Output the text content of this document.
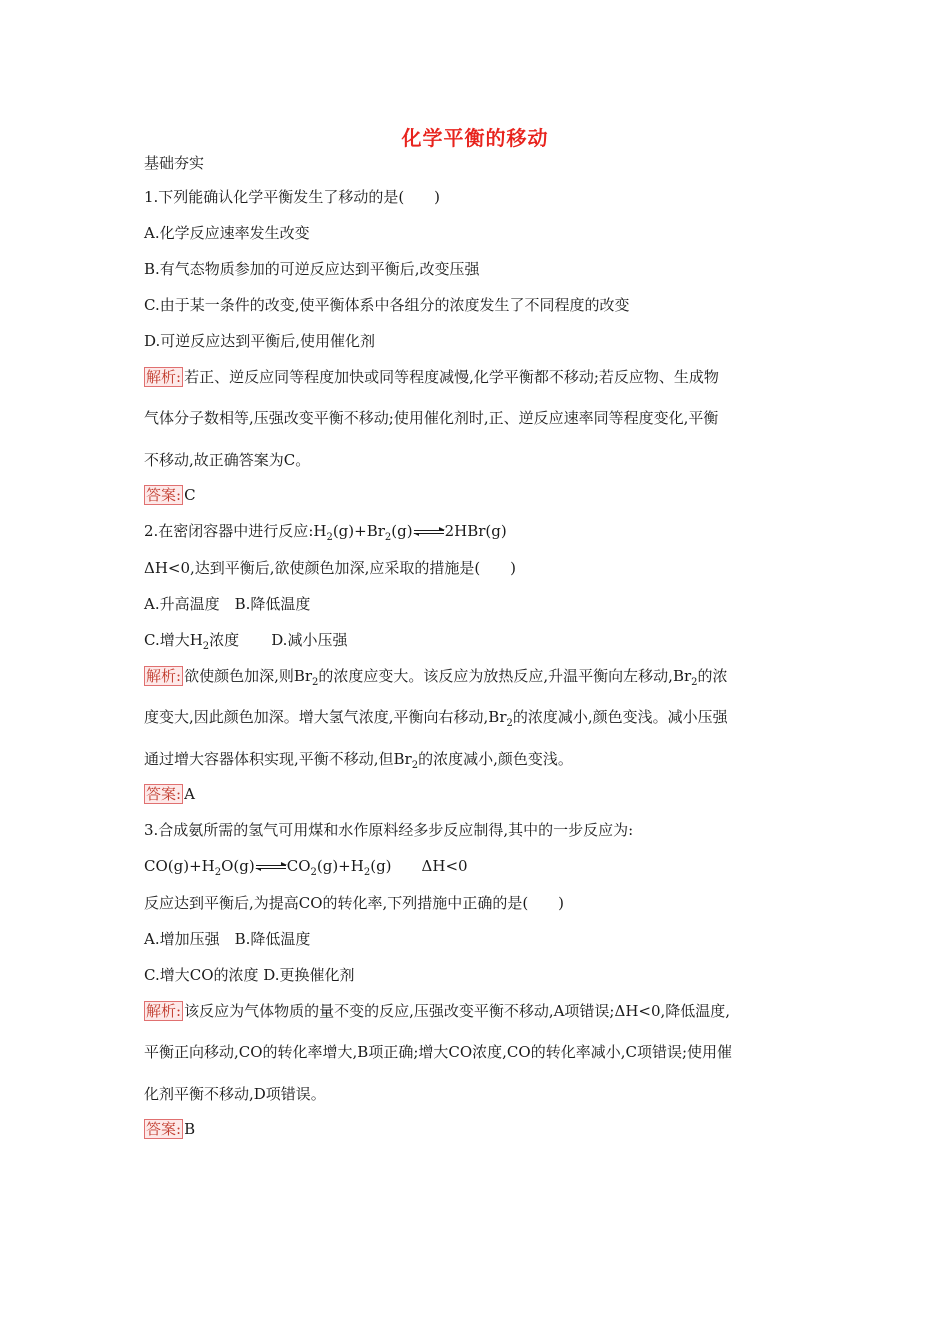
化学平衡的移动
基础夯实
1.下列能确认化学平衡发生了移动的是(　　)
A.化学反应速率发生改变
B.有气态物质参加的可逆反应达到平衡后,改变压强
C.由于某一条件的改变,使平衡体系中各组分的浓度发生了不同程度的改变
D.可逆反应达到平衡后,使用催化剂
解析: 若正、逆反应同等程度加快或同等程度减慢,化学平衡都不移动;若反应物、生成物
气体分子数相等,压强改变平衡不移动;使用催化剂时,正、逆反应速率同等程度变化,平衡
不移动,故正确答案为C。
答案: C
2.在密闭容器中进行反应$:H_2(g)+Br_2(g)$ 2HBr(g)
ΔH<0,达到平衡后,欲使颜色加深,应采取的措施是(　　)
A.升高温度　B.降低温度
C.增大$H_2$浓度 D.减小压强
解析: 欲使颜色加深,则$Br_2$的浓度应变大。该反应为放热反应,升温平衡向左移动$,Br_2$的浓
度变大,因此颜色加深。增大氢气浓度,平衡向右移动$,Br_2$的浓度减小,颜色变浅。减小压强
通过增大容器体积实现,平衡不移动,但$Br_2$的浓度减小,颜色变浅。
答案: A
3.合成氨所需的氢气可用煤和水作原料经多步反应制得,其中的一步反应为:
$CO(g)+H_2O(g)$ $CO_2(g)+H_2(g)$　　ΔH<0
反应达到平衡后,为提高CO的转化率,下列措施中正确的是(　　)
A.增加压强　B.降低温度
C.增大CO的浓度 D.更换催化剂
解析: 该反应为气体物质的量不变的反应,压强改变平衡不移动,A项错误;ΔH<0,降低温度,
平衡正向移动,CO的转化率增大,B项正确;增大CO浓度,CO的转化率减小,C项错误;使用催
化剂平衡不移动,D项错误。
答案: B
